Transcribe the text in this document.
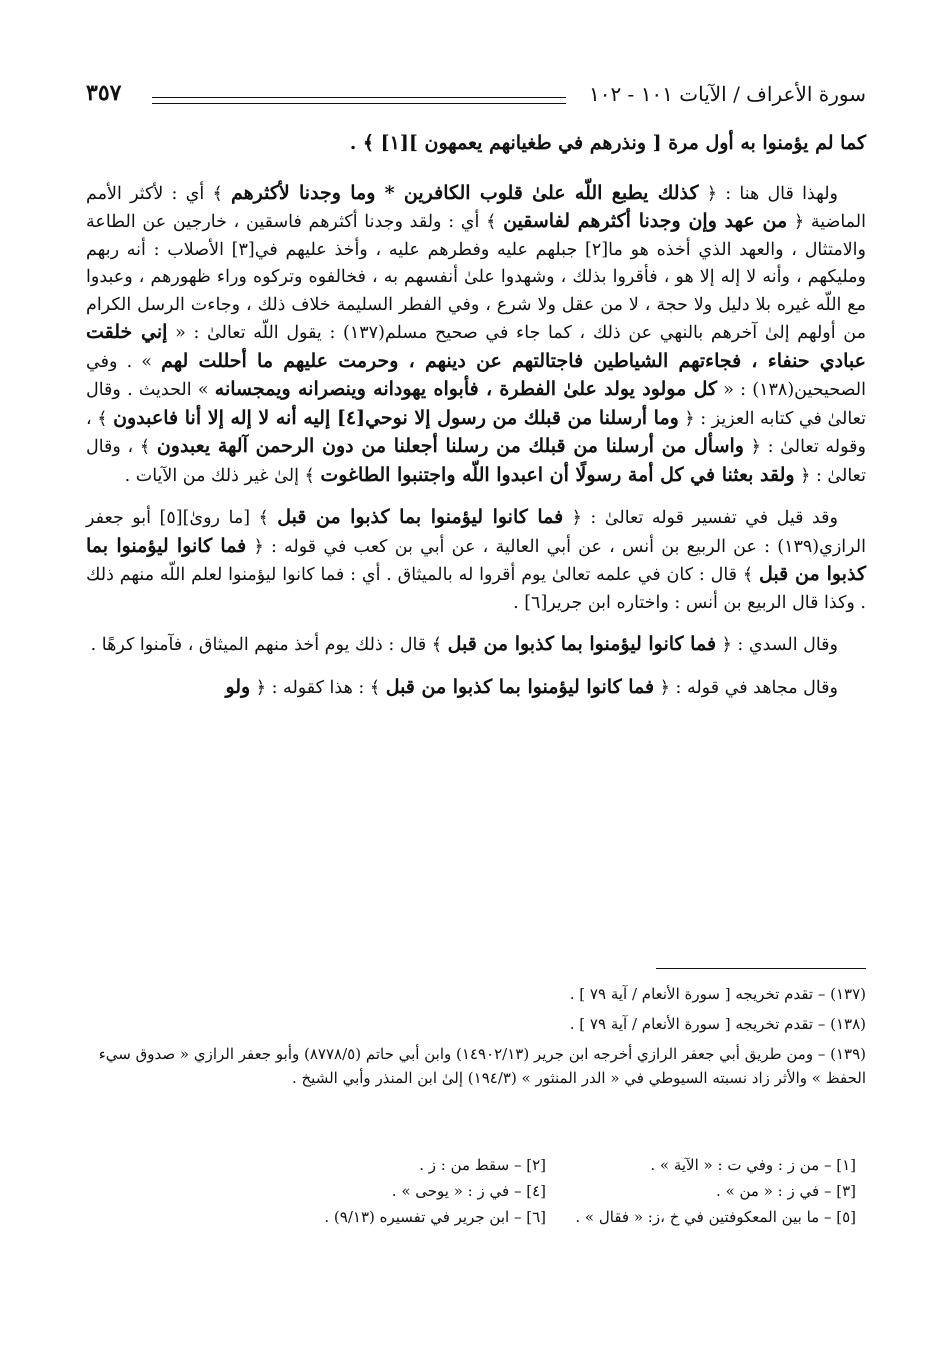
سورة الأعراف / الآيات ١٠١ - ١٠٢
٣٥٧

كما لم يؤمنوا به أول مرة [ ونذرهم في طغيانهم يعمهون ][١] ﴾ .

ولهذا قال هنا : ﴿ كذلك يطبع اللّه علىٰ قلوب الكافرين * وما وجدنا لأكثرهم ﴾ أي : لأكثر الأمم الماضية ﴿ من عهد وإن وجدنا أكثرهم لفاسقين ﴾ أي : ولقد وجدنا أكثرهم فاسقين ، خارجين عن الطاعة والامتثال ، والعهد الذي أخذه هو ما[٢] جبلهم عليه وفطرهم عليه ، وأخذ عليهم في[٣] الأصلاب : أنه ربهم ومليكهم ، وأنه لا إله إلا هو ، فأقروا بذلك ، وشهدوا علىٰ أنفسهم به ، فخالفوه وتركوه وراء ظهورهم ، وعبدوا مع اللّه غيره بلا دليل ولا حجة ، لا من عقل ولا شرع ، وفي الفطر السليمة خلاف ذلك ، وجاءت الرسل الكرام من أولهم إلىٰ آخرهم بالنهي عن ذلك ، كما جاء في صحيح مسلم(١٣٧) : يقول اللّه تعالىٰ : « إني خلقت عبادي حنفاء ، فجاءتهم الشياطين فاجتالتهم عن دينهم ، وحرمت عليهم ما أحللت لهم » . وفي الصحيحين(١٣٨) : « كل مولود يولد علىٰ الفطرة ، فأبواه يهودانه وينصرانه ويمجسانه » الحديث . وقال تعالىٰ في كتابه العزيز : ﴿ وما أرسلنا من قبلك من رسول إلا نوحي[٤] إليه أنه لا إله إلا أنا فاعبدون ﴾ ، وقوله تعالىٰ : ﴿ واسأل من أرسلنا من قبلك من رسلنا أجعلنا من دون الرحمن آلهة يعبدون ﴾ ، وقال تعالىٰ : ﴿ ولقد بعثنا في كل أمة رسولًا أن اعبدوا اللّه واجتنبوا الطاغوت ﴾ إلىٰ غير ذلك من الآيات .

وقد قيل في تفسير قوله تعالىٰ : ﴿ فما كانوا ليؤمنوا بما كذبوا من قبل ﴾ [ما روىٰ][٥] أبو جعفر الرازي(١٣٩) : عن الربيع بن أنس ، عن أبي العالية ، عن أبي بن كعب في قوله : ﴿ فما كانوا ليؤمنوا بما كذبوا من قبل ﴾ قال : كان في علمه تعالىٰ يوم أقروا له بالميثاق . أي : فما كانوا ليؤمنوا لعلم اللّه منهم ذلك . وكذا قال الربيع بن أنس : واختاره ابن جرير[٦] .

وقال السدي : ﴿ فما كانوا ليؤمنوا بما كذبوا من قبل ﴾ قال : ذلك يوم أخذ منهم الميثاق ، فآمنوا كرهًا .

وقال مجاهد في قوله : ﴿ فما كانوا ليؤمنوا بما كذبوا من قبل ﴾ : هذا كقوله : ﴿ ولو

(١٣٧) – تقدم تخريجه [ سورة الأنعام / آية ٧٩ ] .
(١٣٨) – تقدم تخريجه [ سورة الأنعام / آية ٧٩ ] .
(١٣٩) – ومن طريق أبي جعفر الرازي أخرجه ابن جرير (١٤٩٠٢/١٣) وابن أبي حاتم (٨٧٧٨/٥) وأبو جعفر الرازي « صدوق سيء الحفظ » والأثر زاد نسبته السيوطي في « الدر المنثور » (١٩٤/٣) إلىٰ ابن المنذر وأبي الشيخ .
[١] – من ز : وفي ت : « الآية » .
[٢] – سقط من : ز .
[٣] – في ز : « من » .
[٤] – في ز : « يوحى » .
[٥] – ما بين المعكوفتين في خ ،ز: « فقال » .
[٦] – ابن جرير في تفسيره (٩/١٣) .
